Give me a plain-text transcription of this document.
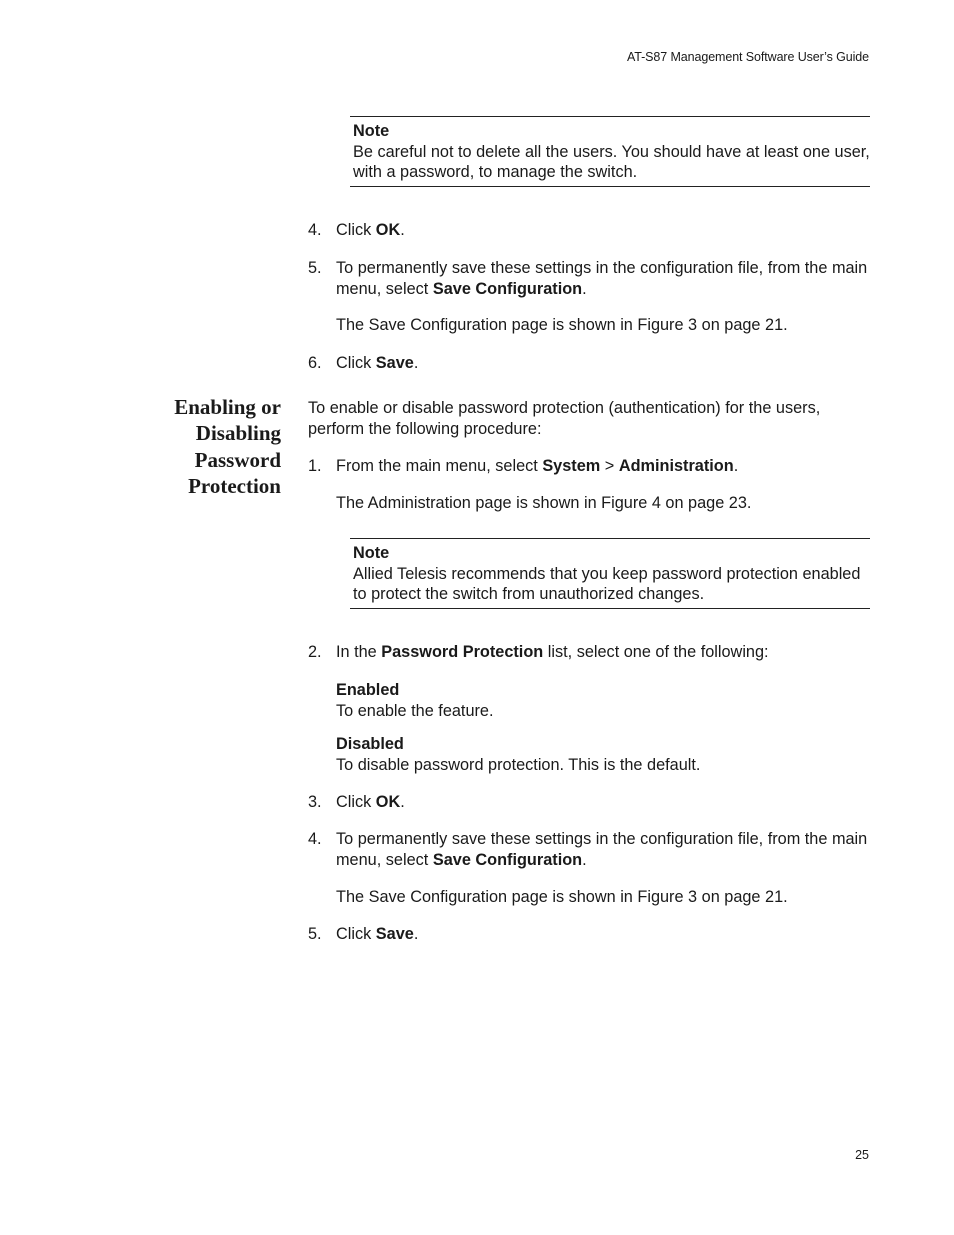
AT-S87 Management Software User’s Guide
Note
Be careful not to delete all the users. You should have at least one user, with a password, to manage the switch.
4. Click OK.
5. To permanently save these settings in the configuration file, from the main menu, select Save Configuration.
The Save Configuration page is shown in Figure 3 on page 21.
6. Click Save.
Enabling or
Disabling
Password
Protection
To enable or disable password protection (authentication) for the users, perform the following procedure:
1. From the main menu, select System > Administration.
The Administration page is shown in Figure 4 on page 23.
Note
Allied Telesis recommends that you keep password protection enabled to protect the switch from unauthorized changes.
2. In the Password Protection list, select one of the following:
Enabled
To enable the feature.
Disabled
To disable password protection. This is the default.
3. Click OK.
4. To permanently save these settings in the configuration file, from the main menu, select Save Configuration.
The Save Configuration page is shown in Figure 3 on page 21.
5. Click Save.
25
